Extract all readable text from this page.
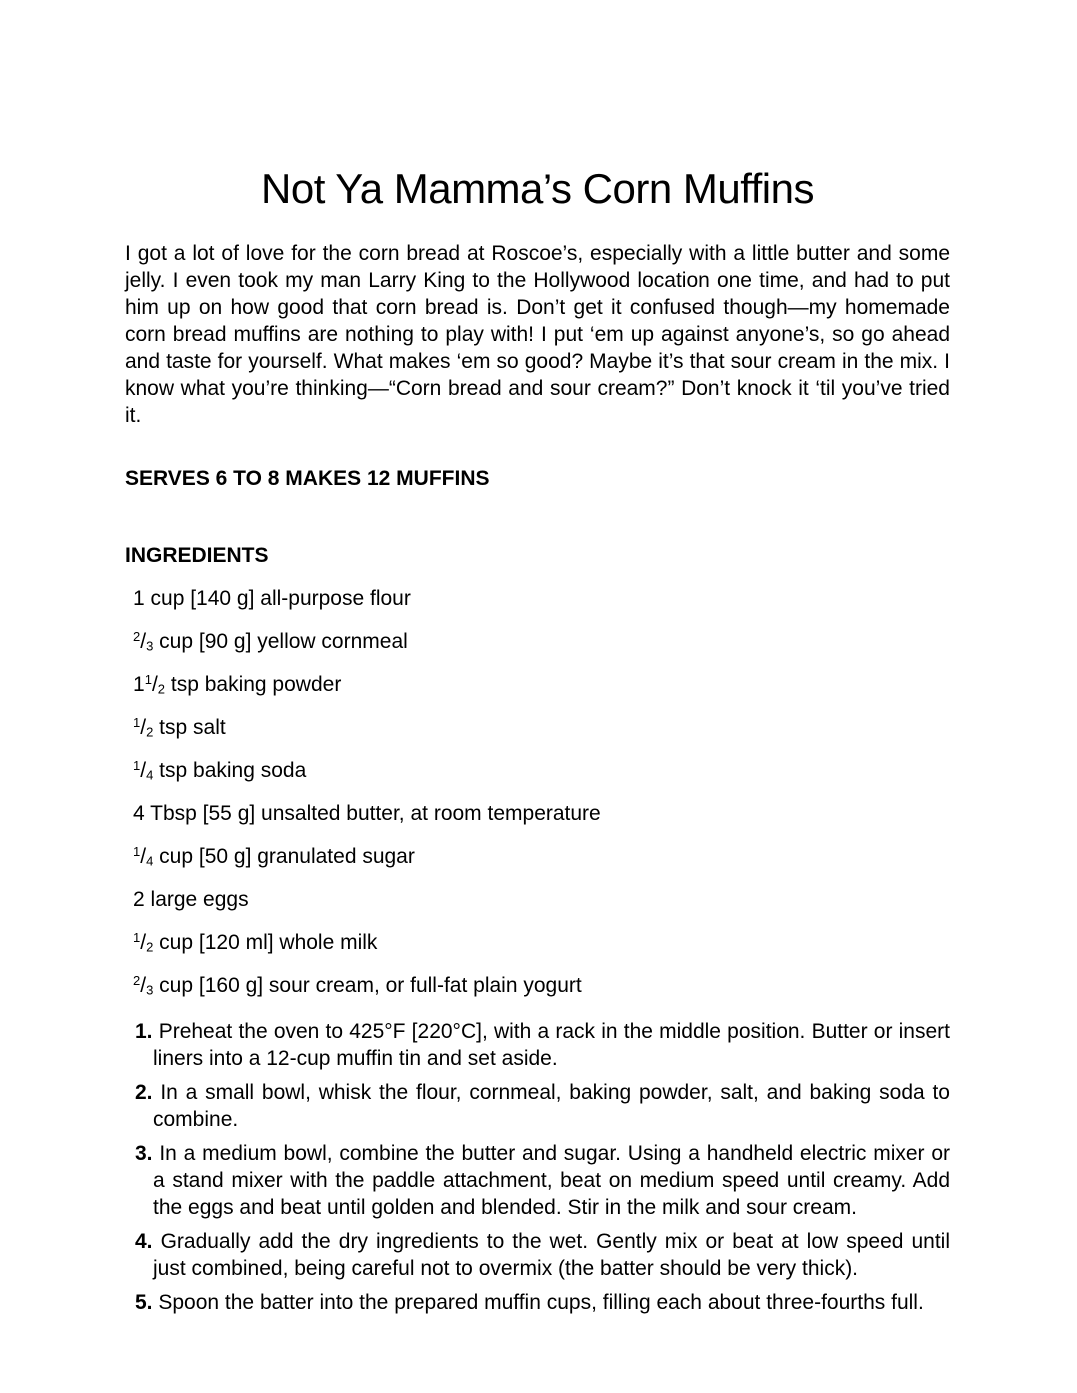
Not Ya Mamma’s Corn Muffins

I got a lot of love for the corn bread at Roscoe’s, especially with a little butter and some jelly. I even took my man Larry King to the Hollywood location one time, and had to put him up on how good that corn bread is. Don’t get it confused though—my homemade corn bread muffins are nothing to play with! I put ‘em up against anyone’s, so go ahead and taste for yourself. What makes ‘em so good? Maybe it’s that sour cream in the mix. I know what you’re thinking—“Corn bread and sour cream?” Don’t knock it ‘til you’ve tried it.

SERVES 6 TO 8 MAKES 12 MUFFINS
INGREDIENTS
1 cup [140 g] all-purpose flour
$^2/_3$ cup [90 g] yellow cornmeal
$1^1/_2$ tsp baking powder
$^1/_2$ tsp salt
$^1/_4$ tsp baking soda
4 Tbsp [55 g] unsalted butter, at room temperature
$^1/_4$ cup [50 g] granulated sugar
2 large eggs
$^1/_2$ cup [120 ml] whole milk
$^2/_3$ cup [160 g] sour cream, or full-fat plain yogurt
1. Preheat the oven to 425°F [220°C], with a rack in the middle position. Butter or insert liners into a 12-cup muffin tin and set aside.
2. In a small bowl, whisk the flour, cornmeal, baking powder, salt, and baking soda to combine.
3. In a medium bowl, combine the butter and sugar. Using a handheld electric mixer or a stand mixer with the paddle attachment, beat on medium speed until creamy. Add the eggs and beat until golden and blended. Stir in the milk and sour cream.
4. Gradually add the dry ingredients to the wet. Gently mix or beat at low speed until just combined, being careful not to overmix (the batter should be very thick).
5. Spoon the batter into the prepared muffin cups, filling each about three-fourths full.
